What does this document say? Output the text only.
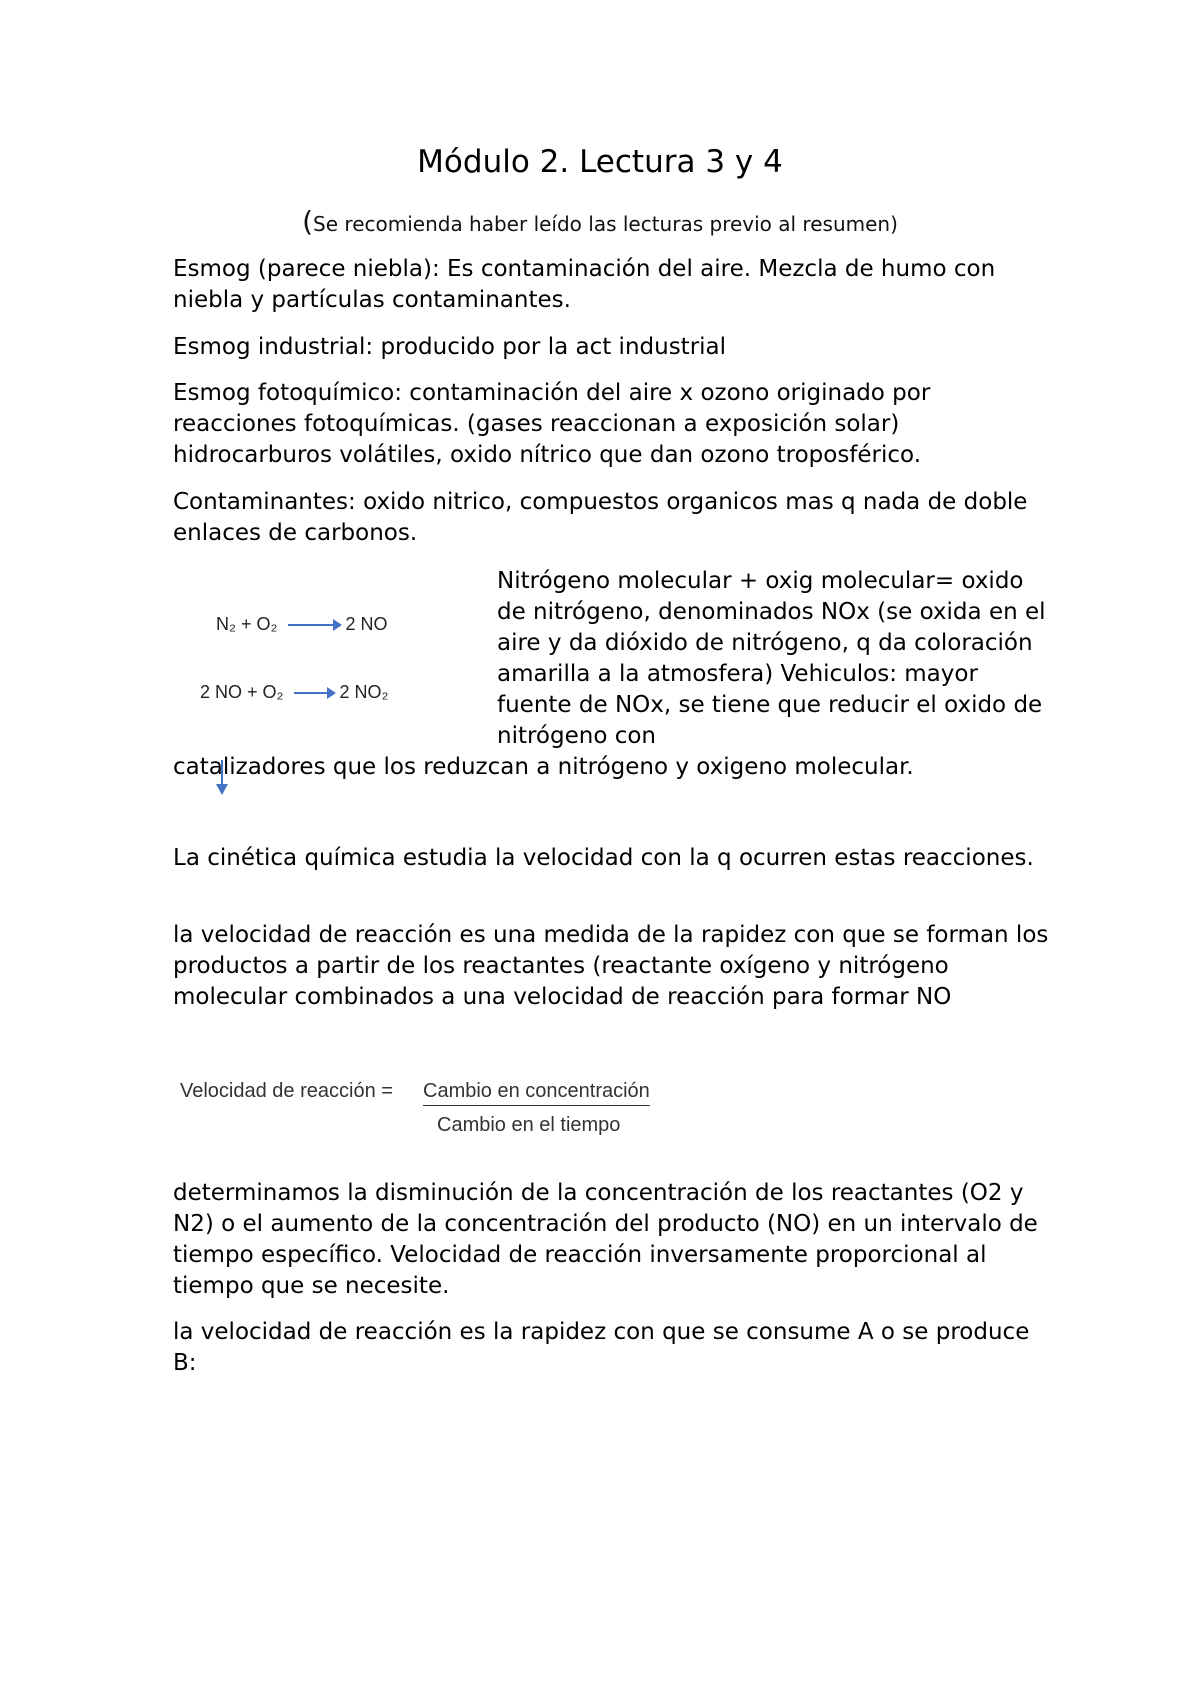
Módulo 2. Lectura 3 y 4
(Se recomienda haber leído las lecturas previo al resumen)

Esmog (parece niebla): Es contaminación del aire. Mezcla de humo con niebla y partículas contaminantes.

Esmog industrial: producido por la act industrial

Esmog fotoquímico: contaminación del aire x ozono originado por reacciones fotoquímicas. (gases reaccionan a exposición solar) hidrocarburos volátiles, oxido nítrico que dan ozono troposférico.

Contaminantes: oxido nitrico, compuestos organicos mas q nada de doble enlaces de carbonos.

N₂ + O₂ → 2 NO
2 NO + O₂ → 2 NO₂

Nitrógeno molecular + oxig molecular= oxido de nitrógeno, denominados NOx (se oxida en el aire y da dióxido de nitrógeno, q da coloración amarilla a la atmosfera) Vehiculos: mayor fuente de NOx, se tiene que reducir el oxido de nitrógeno con

catalizadores que los reduzcan a nitrógeno y oxigeno molecular.

La cinética química estudia la velocidad con la q ocurren estas reacciones.

la velocidad de reacción es una medida de la rapidez con que se forman los productos a partir de los reactantes (reactante oxígeno y nitrógeno molecular combinados a una velocidad de reacción para formar NO

Velocidad de reacción = Cambio en concentración
Cambio en el tiempo

determinamos la disminución de la concentración de los reactantes (O2 y N2) o el aumento de la concentración del producto (NO) en un intervalo de tiempo específico. Velocidad de reacción inversamente proporcional al tiempo que se necesite.

la velocidad de reacción es la rapidez con que se consume A o se produce B:
